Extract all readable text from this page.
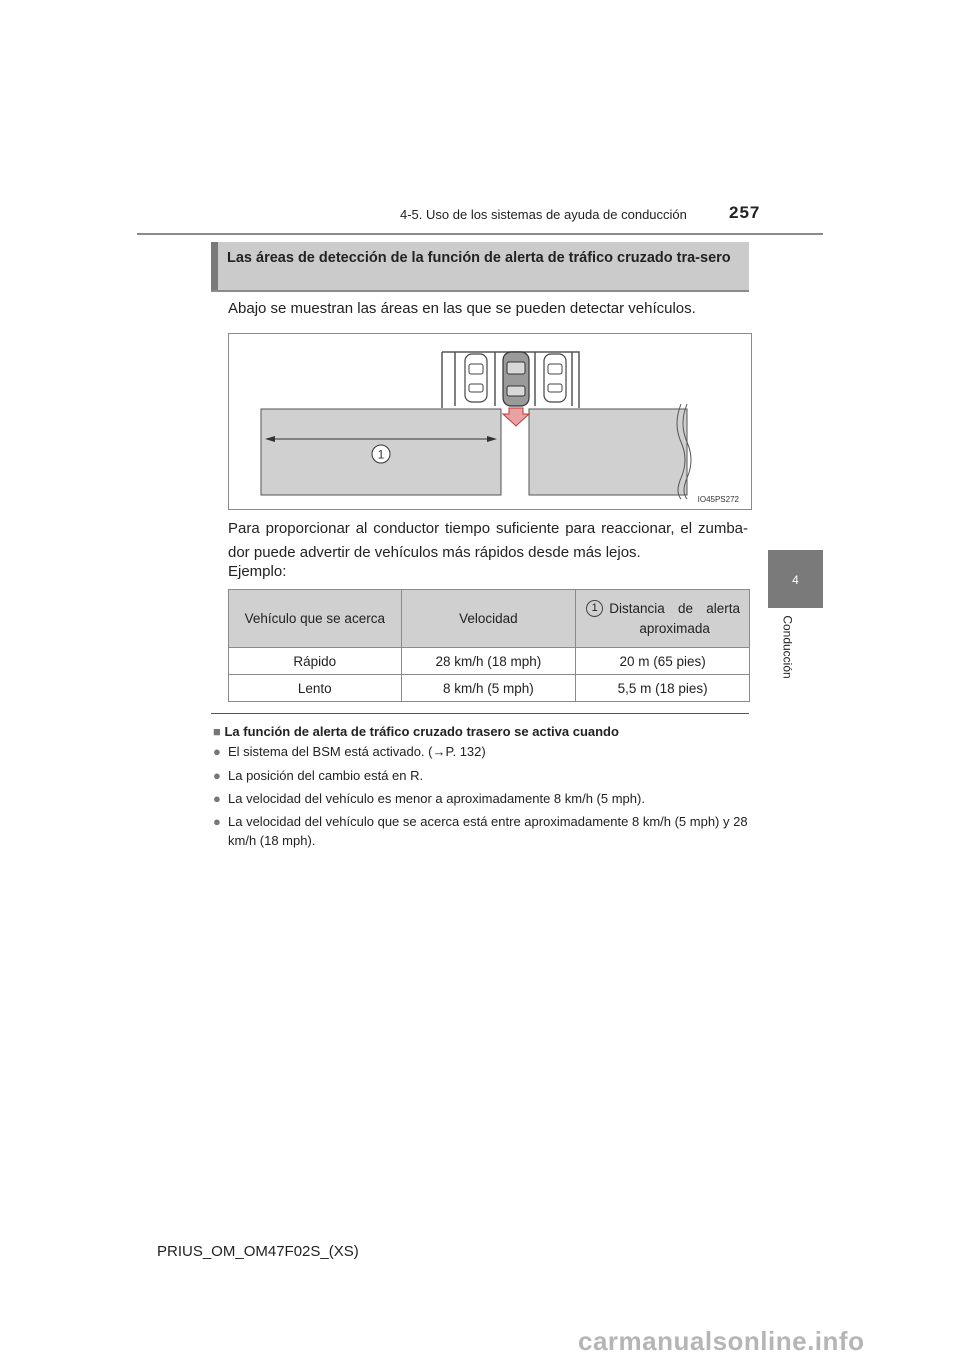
4-5. Uso de los sistemas de ayuda de conducción 257
4
Conducción
Las áreas de detección de la función de alerta de tráfico cruzado tra-sero
Abajo se muestran las áreas en las que se pueden detectar vehículos.
1
IO45PS272
Para proporcionar al conductor tiempo suficiente para reaccionar, el zumba-dor puede advertir de vehículos más rápidos desde más lejos.
Ejemplo:
Vehículo que se acerca	Velocidad	1 Distancia de alerta
aproximada

Rápido	28 km/h (18 mph)	20 m (65 pies)
Lento	8 km/h (5 mph)	5,5 m (18 pies)
■ La función de alerta de tráfico cruzado trasero se activa cuando
● El sistema del BSM está activado. (→P. 132)
● La posición del cambio está en R.
● La velocidad del vehículo es menor a aproximadamente 8 km/h (5 mph).
● La velocidad del vehículo que se acerca está entre aproximadamente 8 km/h (5 mph) y 28 km/h (18 mph).
PRIUS_OM_OM47F02S_(XS)
carmanualsonline.info
